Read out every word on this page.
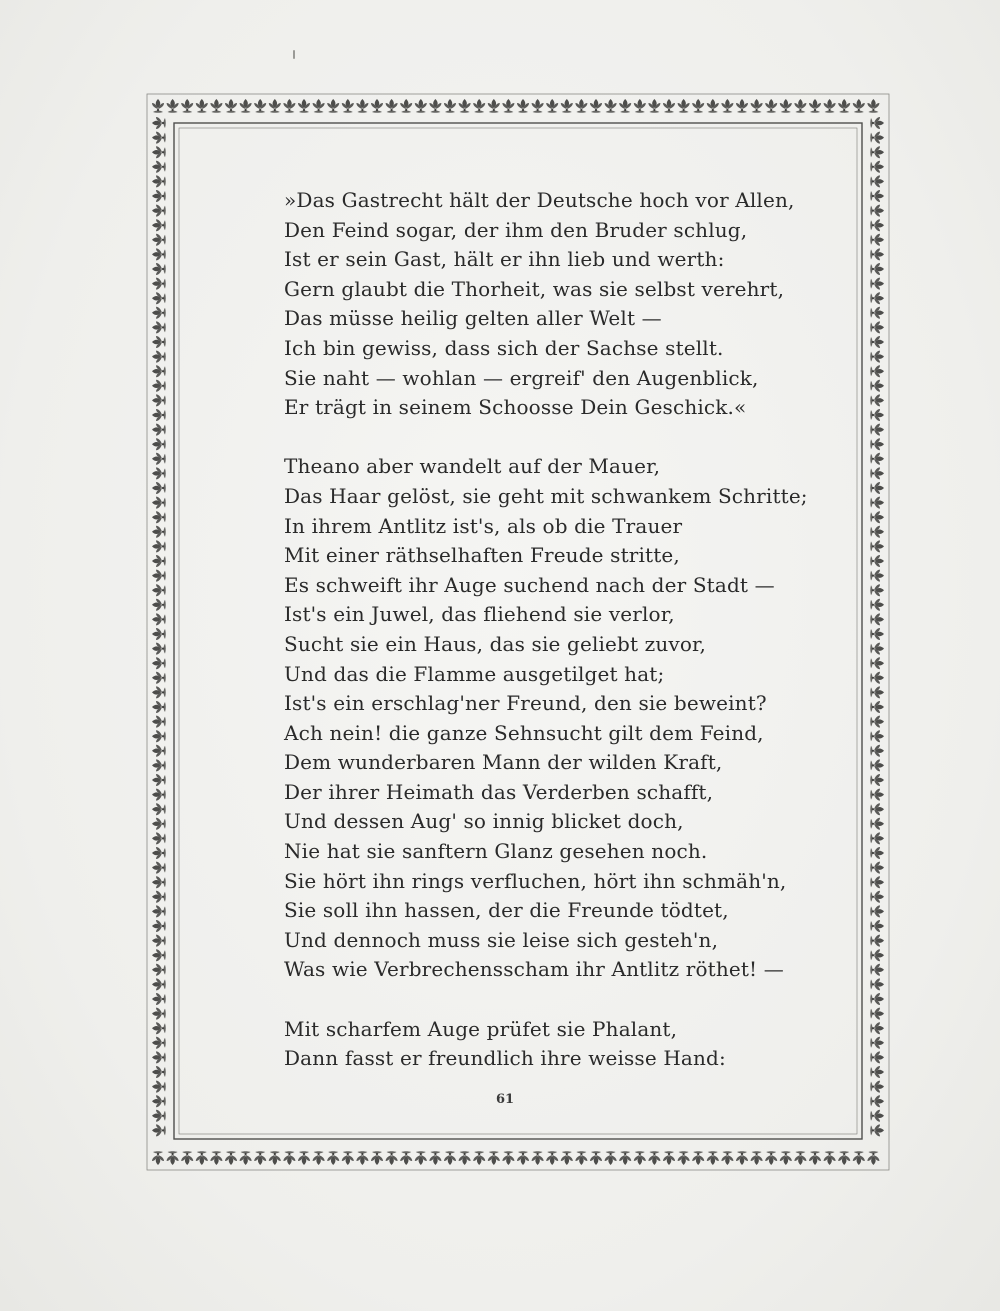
»Das Gastrecht hält der Deutsche hoch vor Allen,
Den Feind sogar, der ihm den Bruder schlug,
Ist er sein Gast, hält er ihn lieb und werth:
Gern glaubt die Thorheit, was sie selbst verehrt,
Das müsse heilig gelten aller Welt —
Ich bin gewiss, dass sich der Sachse stellt.
Sie naht — wohlan — ergreif' den Augenblick,
Er trägt in seinem Schoosse Dein Geschick.«
Theano aber wandelt auf der Mauer,
Das Haar gelöst, sie geht mit schwankem Schritte;
In ihrem Antlitz ist's, als ob die Trauer
Mit einer räthselhaften Freude stritte,
Es schweift ihr Auge suchend nach der Stadt —
Ist's ein Juwel, das fliehend sie verlor,
Sucht sie ein Haus, das sie geliebt zuvor,
Und das die Flamme ausgetilget hat;
Ist's ein erschlag'ner Freund, den sie beweint?
Ach nein! die ganze Sehnsucht gilt dem Feind,
Dem wunderbaren Mann der wilden Kraft,
Der ihrer Heimath das Verderben schafft,
Und dessen Aug' so innig blicket doch,
Nie hat sie sanftern Glanz gesehen noch.
Sie hört ihn rings verfluchen, hört ihn schmäh'n,
Sie soll ihn hassen, der die Freunde tödtet,
Und dennoch muss sie leise sich gesteh'n,
Was wie Verbrechensscham ihr Antlitz röthet! —
Mit scharfem Auge prüfet sie Phalant,
Dann fasst er freundlich ihre weisse Hand:
61
